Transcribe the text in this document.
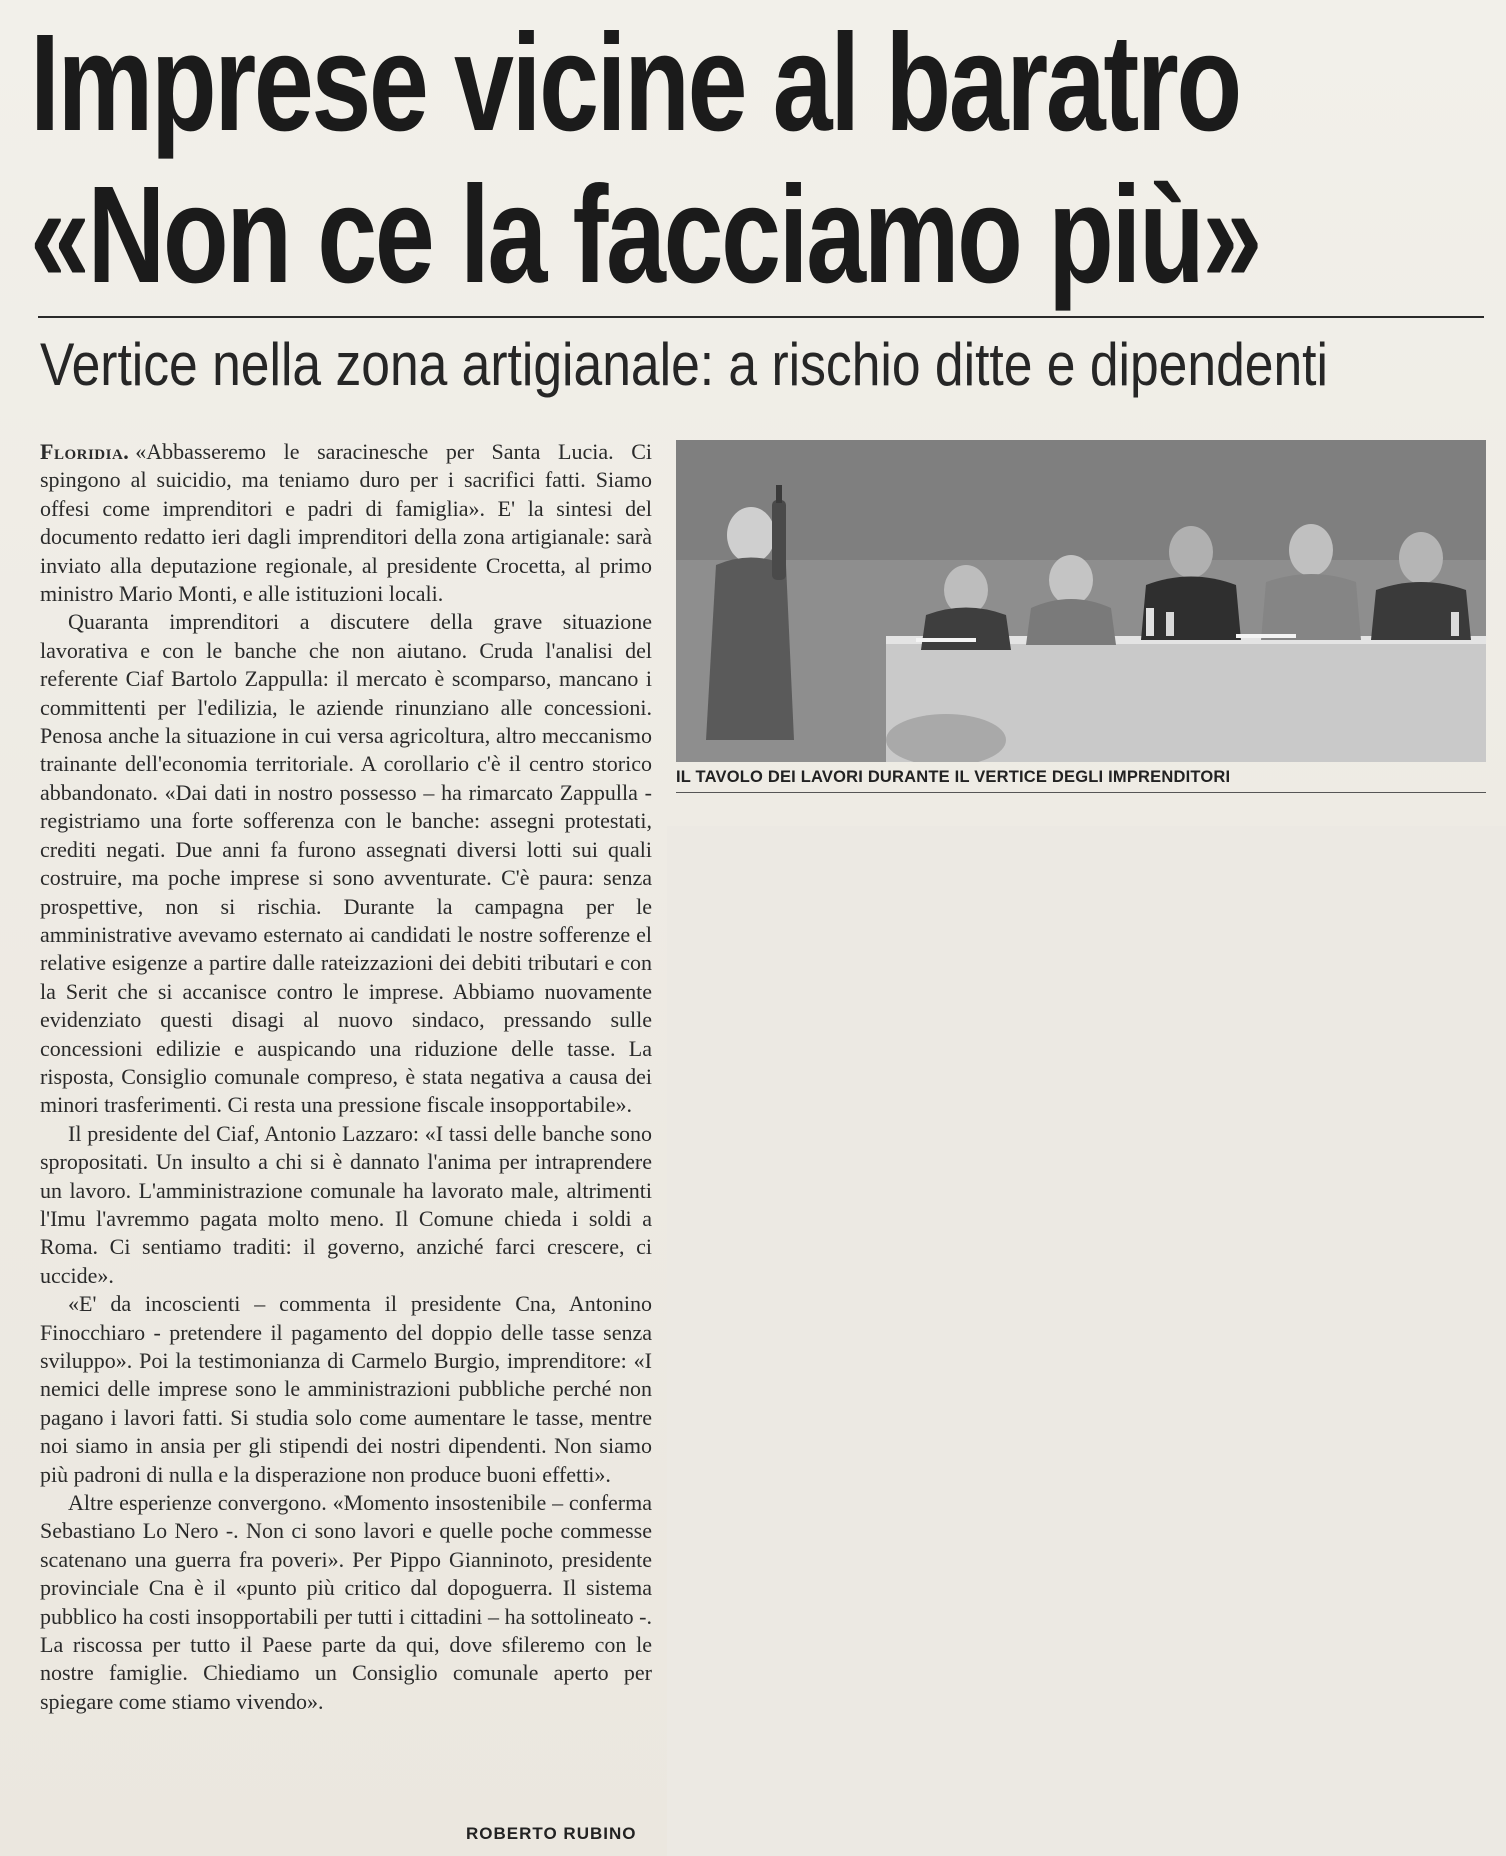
Imprese vicine al baratro
«Non ce la facciamo più»
Vertice nella zona artigianale: a rischio ditte e dipendenti

Floridia. «Abbasseremo le saracinesche per Santa Lucia. Ci spingono al suicidio, ma teniamo duro per i sacrifici fatti. Siamo offesi come imprenditori e padri di famiglia». E' la sintesi del documento redatto ieri dagli imprenditori della zona artigianale: sarà inviato alla deputazione regionale, al presidente Crocetta, al primo ministro Mario Monti, e alle istituzioni locali.

Quaranta imprenditori a discutere della grave situazione lavorativa e con le banche che non aiutano. Cruda l'analisi del referente Ciaf Bartolo Zappulla: il mercato è scomparso, mancano i committenti per l'edilizia, le aziende rinunziano alle concessioni. Penosa anche la situazione in cui versa agricoltura, altro meccanismo trainante dell'economia territoriale. A corollario c'è il centro storico abbandonato. «Dai dati in nostro possesso – ha rimarcato Zappulla - registriamo una forte sofferenza con le banche: assegni protestati, crediti negati. Due anni fa furono assegnati diversi lotti sui quali costruire, ma poche imprese si sono avventurate. C'è paura: senza prospettive, non si rischia. Durante la campagna per le amministrative avevamo esternato ai candidati le nostre sofferenze el relative esigenze a partire dalle rateizzazioni dei debiti tributari e con la Serit che si accanisce contro le imprese. Abbiamo nuovamente evidenziato questi disagi al nuovo sindaco, pressando sulle concessioni edilizie e auspicando una riduzione delle tasse. La risposta, Consiglio comunale compreso, è stata negativa a causa dei minori trasferimenti. Ci resta una pressione fiscale insopportabile».

Il presidente del Ciaf, Antonio Lazzaro: «I tassi delle banche sono spropositati. Un insulto a chi si è dannato l'anima per intraprendere un lavoro. L'amministrazione comunale ha lavorato male, altrimenti l'Imu l'avremmo pagata molto meno. Il Comune chieda i soldi a Roma. Ci sentiamo traditi: il governo, anziché farci crescere, ci uccide».

«E' da incoscienti – commenta il presidente Cna, Antonino Finocchiaro - pretendere il pagamento del doppio delle tasse senza sviluppo». Poi la testimonianza di Carmelo Burgio, imprenditore: «I nemici delle imprese sono le amministrazioni pubbliche perché non pagano i lavori fatti. Si studia solo come aumentare le tasse, mentre noi siamo in ansia per gli stipendi dei nostri dipendenti. Non siamo più padroni di nulla e la disperazione non produce buoni effetti».

Altre esperienze convergono. «Momento insostenibile – conferma Sebastiano Lo Nero -. Non ci sono lavori e quelle poche commesse scatenano una guerra fra poveri». Per Pippo Gianninoto, presidente provinciale Cna è il «punto più critico dal dopoguerra. Il sistema pubblico ha costi insopportabili per tutti i cittadini – ha sottolineato -. La riscossa per tutto il Paese parte da qui, dove sfileremo con le nostre famiglie. Chiediamo un Consiglio comunale aperto per spiegare come stiamo vivendo».

ROBERTO RUBINO
IL TAVOLO DEI LAVORI DURANTE IL VERTICE DEGLI IMPRENDITORI
